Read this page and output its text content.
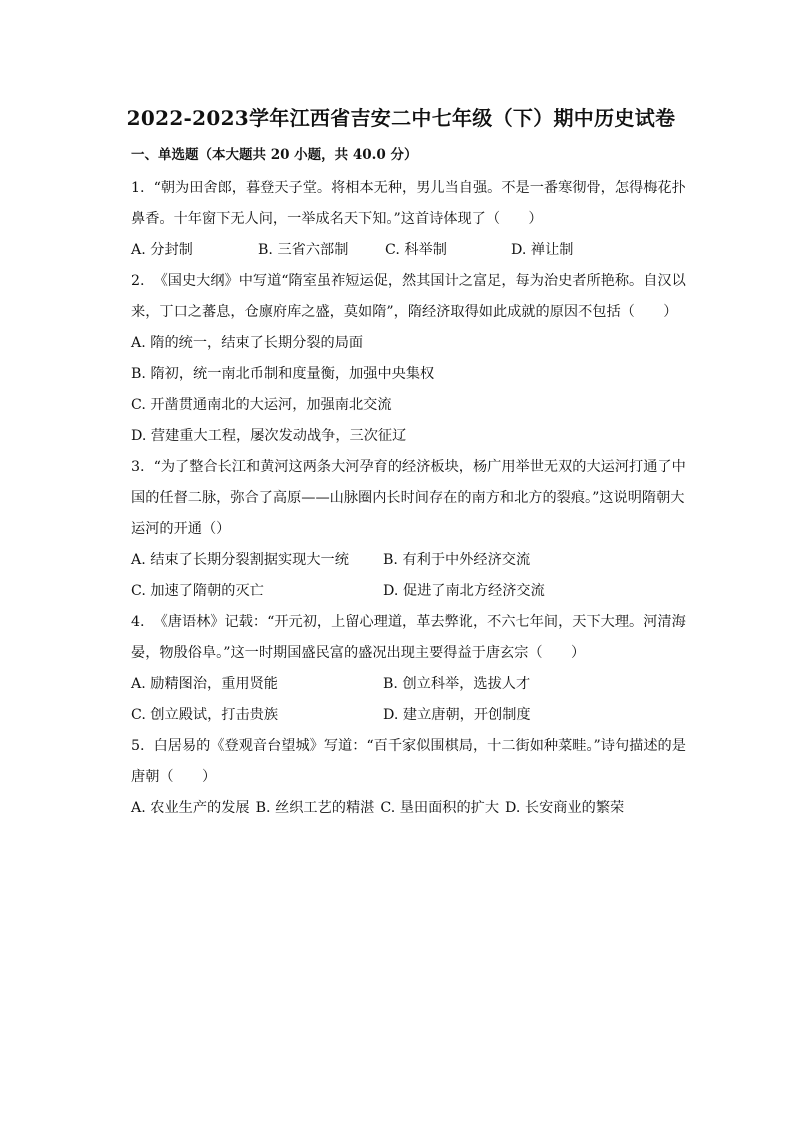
2022-2023学年江西省吉安二中七年级（下）期中历史试卷
一、单选题（本大题共 20 小题，共 40.0 分）
1. “朝为田舍郎，暮登天子堂。将相本无种，男儿当自强。不是一番寒彻骨，怎得梅花扑鼻香。十年窗下无人问，一举成名天下知。”这首诗体现了（　　）
A. 分封制	B. 三省六部制	C. 科举制	D. 禅让制
2. 《国史大纲》中写道“隋室虽祚短运促，然其国计之富足，每为治史者所艳称。自汉以来，丁口之蕃息，仓廪府库之盛，莫如隋”，隋经济取得如此成就的原因不包括（　　）
A. 隋的统一，结束了长期分裂的局面
B. 隋初，统一南北币制和度量衡，加强中央集权
C. 开凿贯通南北的大运河，加强南北交流
D. 营建重大工程，屡次发动战争，三次征辽
3. “为了整合长江和黄河这两条大河孕育的经济板块，杨广用举世无双的大运河打通了中国的任督二脉，弥合了高原——山脉圈内长时间存在的南方和北方的裂痕。”这说明隋朝大运河的开通（）
A. 结束了长期分裂割据实现大一统	B. 有利于中外经济交流
C. 加速了隋朝的灭亡	D. 促进了南北方经济交流
4. 《唐语林》记载：“开元初，上留心理道，革去弊讹，不六七年间，天下大理。河清海晏，物殷俗阜。”这一时期国盛民富的盛况出现主要得益于唐玄宗（　　）
A. 励精图治，重用贤能	B. 创立科举，选拔人才
C. 创立殿试，打击贵族	D. 建立唐朝，开创制度
5. 白居易的《登观音台望城》写道：“百千家似围棋局，十二街如种菜畦。”诗句描述的是唐朝（　　）
A. 农业生产的发展 B. 丝织工艺的精湛 C. 垦田面积的扩大 D. 长安商业的繁荣
